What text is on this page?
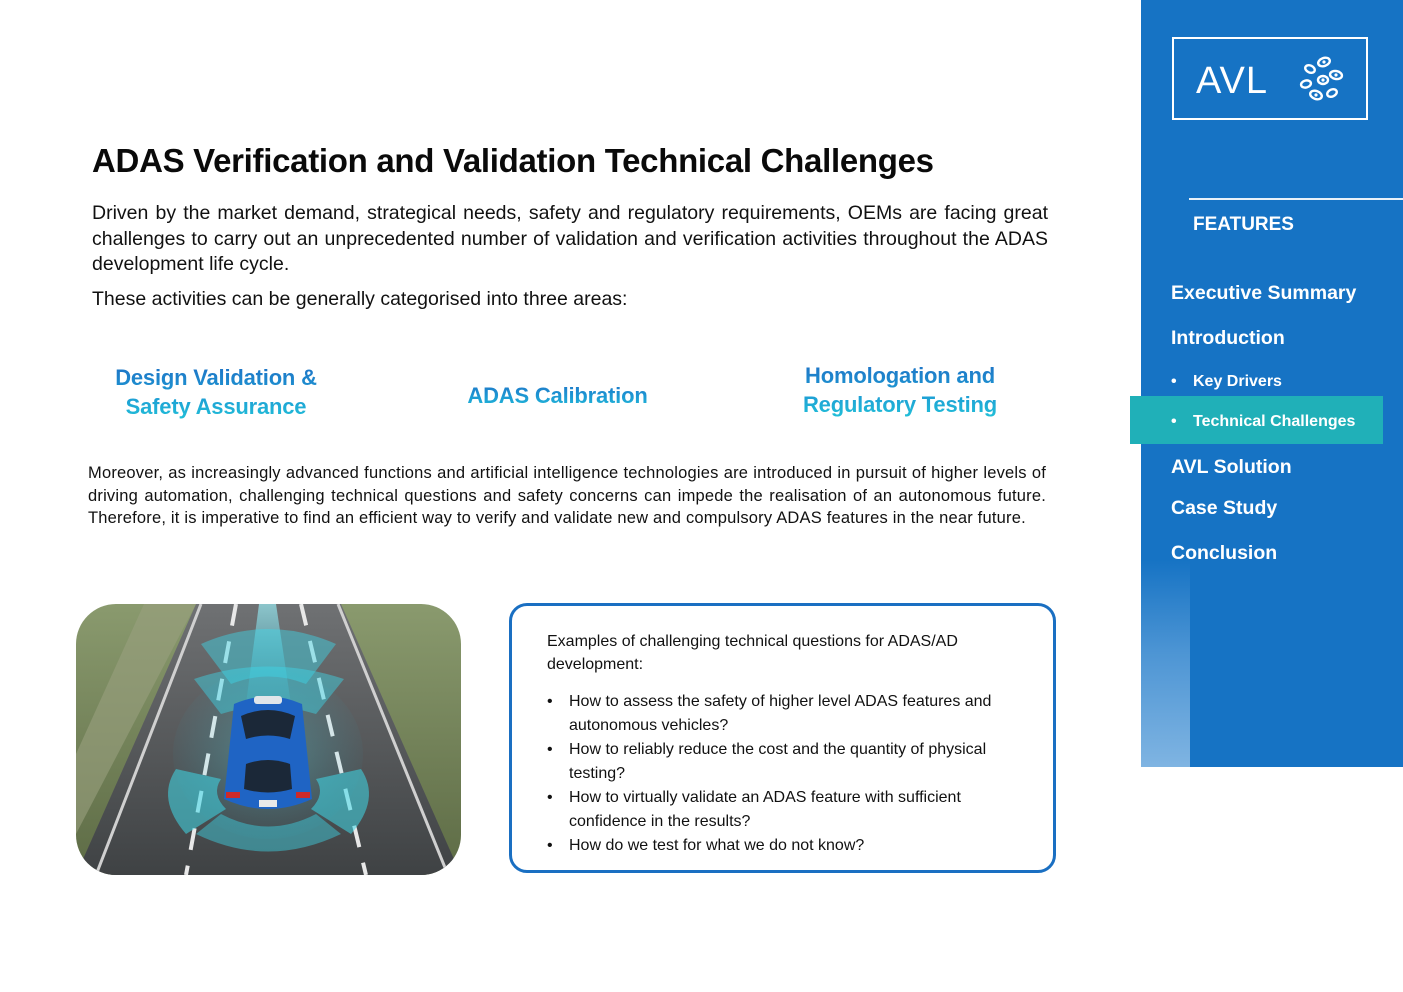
ADAS Verification and Validation Technical Challenges
Driven by the market demand, strategical needs, safety and regulatory requirements, OEMs are facing great challenges to carry out an unprecedented number of validation and verification activities throughout the ADAS development life cycle.
These activities can be generally categorised into three areas:
Design Validation &
Safety Assurance	ADAS Calibration
Homologation and
Regulatory Testing
Moreover, as increasingly advanced functions and artificial intelligence technologies are introduced in pursuit of higher levels of driving automation, challenging technical questions and safety concerns can impede the realisation of an autonomous future. Therefore, it is imperative to find an efficient way to verify and validate new and compulsory ADAS features in the near future.
Examples of challenging technical questions for ADAS/AD development:
• How to assess the safety of higher level ADAS features and autonomous vehicles?
• How to reliably reduce the cost and the quantity of physical testing?
• How to virtually validate an ADAS feature with sufficient confidence in the results?
• How do we test for what we do not know?
AVL
FEATURES
Executive Summary
Introduction
• Key Drivers
• Technical Challenges
AVL Solution
Case Study
Conclusion
